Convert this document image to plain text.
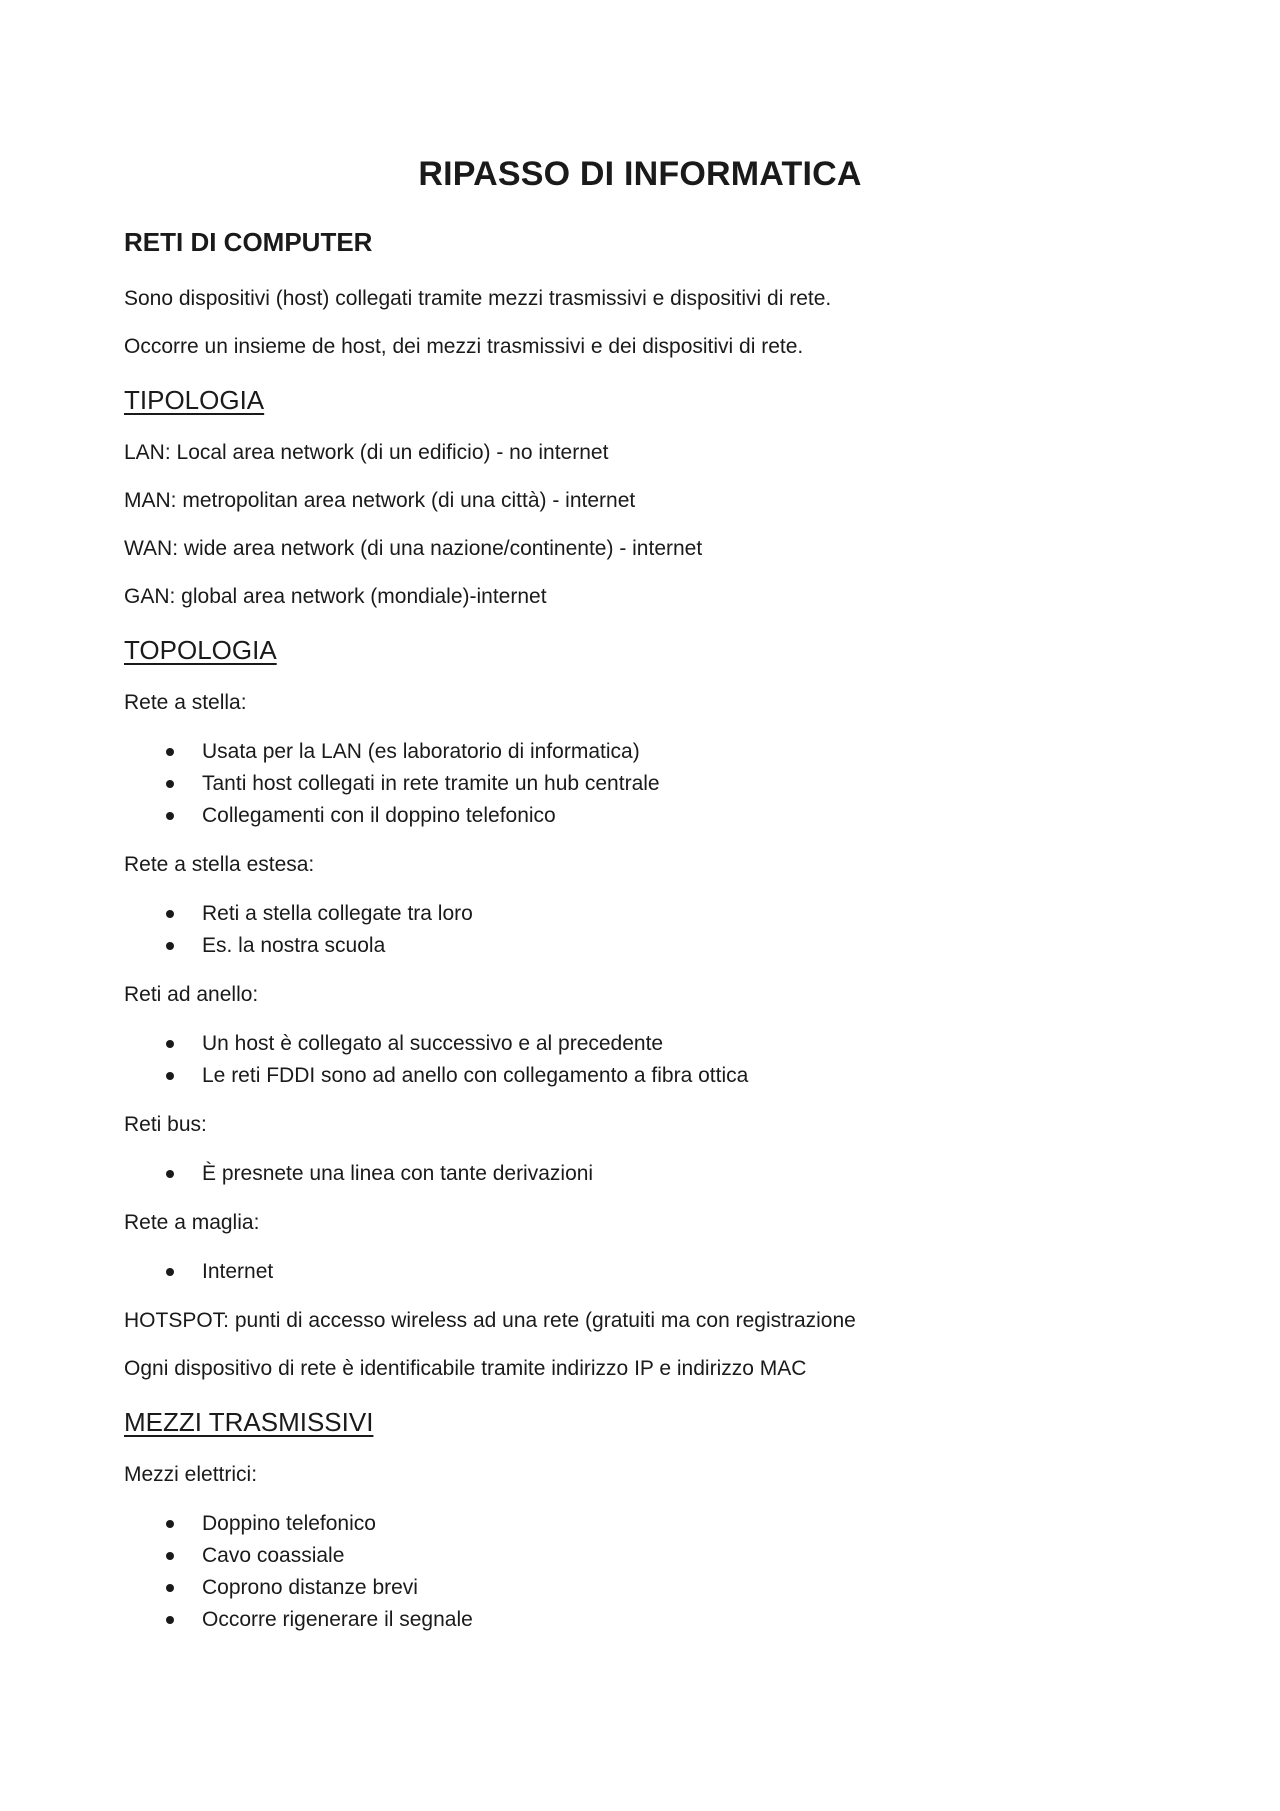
RIPASSO DI INFORMATICA
RETI DI COMPUTER
Sono dispositivi (host) collegati tramite mezzi trasmissivi e dispositivi di rete.
Occorre un insieme de host, dei mezzi trasmissivi e dei dispositivi di rete.
TIPOLOGIA
LAN: Local area network (di un edificio) - no internet
MAN: metropolitan area network (di una città) - internet
WAN: wide area network (di una nazione/continente) - internet
GAN: global area network (mondiale)-internet
TOPOLOGIA
Rete a stella:
Usata per la LAN (es laboratorio di informatica)
Tanti host collegati in rete tramite un hub centrale
Collegamenti con il doppino telefonico
Rete a stella estesa:
Reti a stella collegate tra loro
Es. la nostra scuola
Reti ad anello:
Un host è collegato al successivo e al precedente
Le reti FDDI sono ad anello con collegamento a fibra ottica
Reti bus:
È presnete una linea con tante derivazioni
Rete a maglia:
Internet
HOTSPOT: punti di accesso wireless ad una rete (gratuiti ma con registrazione
Ogni dispositivo di rete è identificabile tramite indirizzo IP e indirizzo MAC
MEZZI TRASMISSIVI
Mezzi elettrici:
Doppino telefonico
Cavo coassiale
Coprono distanze brevi
Occorre rigenerare il segnale
